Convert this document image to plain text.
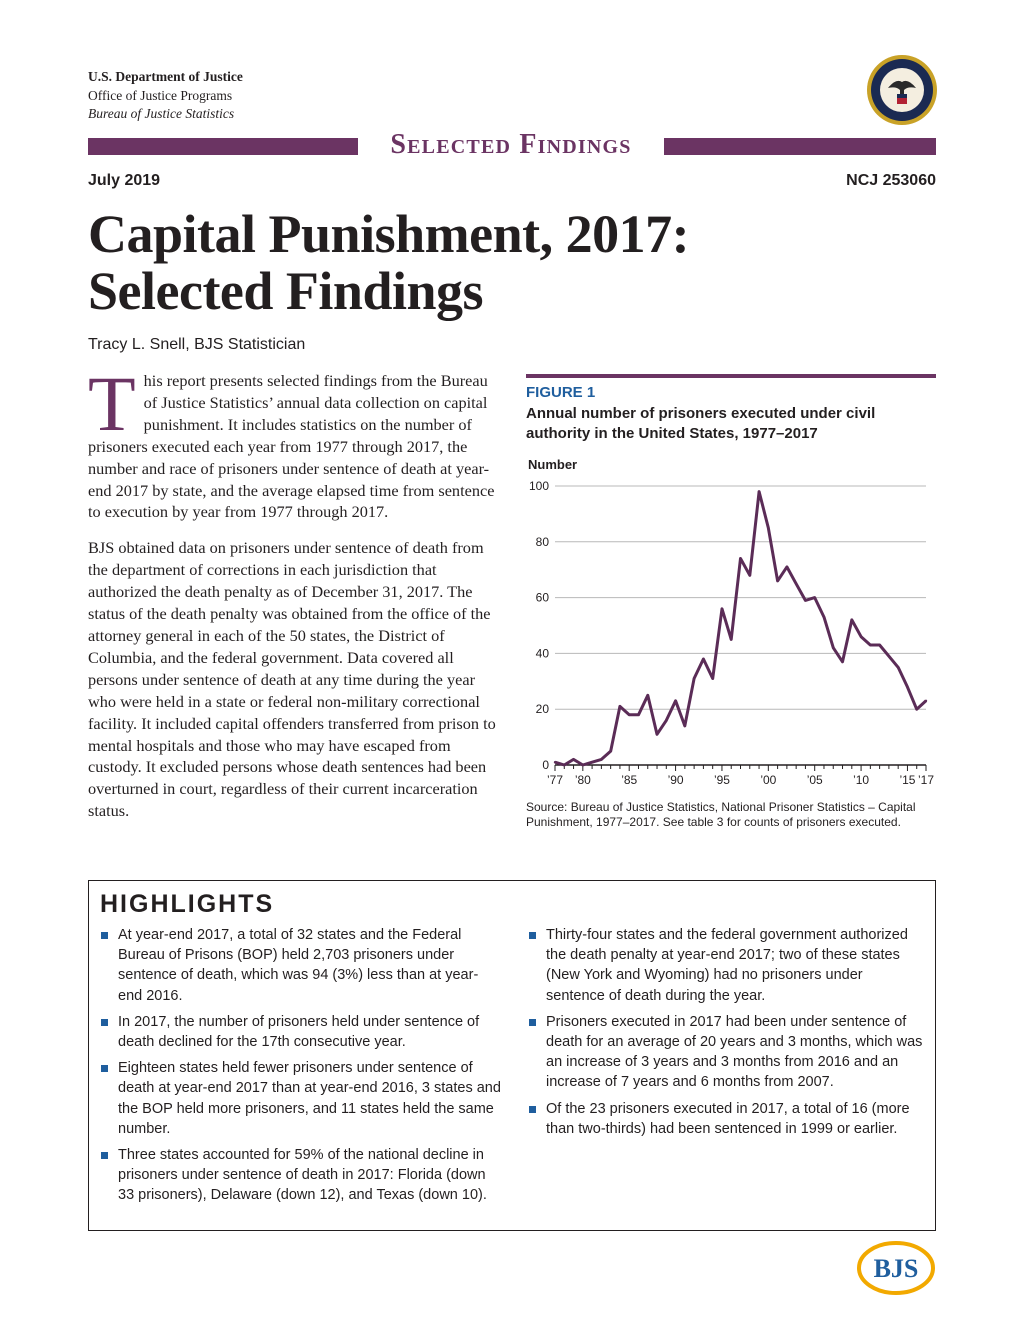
U.S. Department of Justice
Office of Justice Programs
Bureau of Justice Statistics
Selected Findings
July 2019	NCJ 253060
Capital Punishment, 2017:
Selected Findings
Tracy L. Snell, BJS Statistician

This report presents selected findings from the Bureau of Justice Statistics’ annual data collection on capital punishment. It includes statistics on the number of prisoners executed each year from 1977 through 2017, the number and race of prisoners under sentence of death at year-end 2017 by state, and the average elapsed time from sentence to execution by year from 1977 through 2017.

BJS obtained data on prisoners under sentence of death from the department of corrections in each jurisdiction that authorized the death penalty as of December 31, 2017. The status of the death penalty was obtained from the office of the attorney general in each of the 50 states, the District of Columbia, and the federal government. Data covered all persons under sentence of death at any time during the year who were held in a state or federal non-military correctional facility. It included capital offenders transferred from prison to mental hospitals and those who may have escaped from custody. It excluded persons whose death sentences had been overturned in court, regardless of their current incarceration status.

FIGURE 1
Annual number of prisoners executed under civil authority in the United States, 1977–2017
Number
0
20
40
60
80
100
’77 ’80	’85	’90	’95	’00	’05	’10	’15 ’17
Source: Bureau of Justice Statistics, National Prisoner Statistics – Capital Punishment, 1977–2017. See table 3 for counts of prisoners executed.
HIGHLIGHTS
At year-end 2017, a total of 32 states and the Federal Bureau of Prisons (BOP) held 2,703 prisoners under sentence of death, which was 94 (3%) less than at year-end 2016.
In 2017, the number of prisoners held under sentence of death declined for the 17th consecutive year.
Eighteen states held fewer prisoners under sentence of death at year-end 2017 than at year-end 2016, 3 states and the BOP held more prisoners, and 11 states held the same number.
Three states accounted for 59% of the national decline in prisoners under sentence of death in 2017: Florida (down 33 prisoners), Delaware (down 12), and Texas (down 10).
Thirty-four states and the federal government authorized the death penalty at year-end 2017; two of these states (New York and Wyoming) had no prisoners under sentence of death during the year.
Prisoners executed in 2017 had been under sentence of death for an average of 20 years and 3 months, which was an increase of 3 years and 3 months from 2016 and an increase of 7 years and 6 months from 2007.
Of the 23 prisoners executed in 2017, a total of 16 (more than two-thirds) had been sentenced in 1999 or earlier.
BJS
